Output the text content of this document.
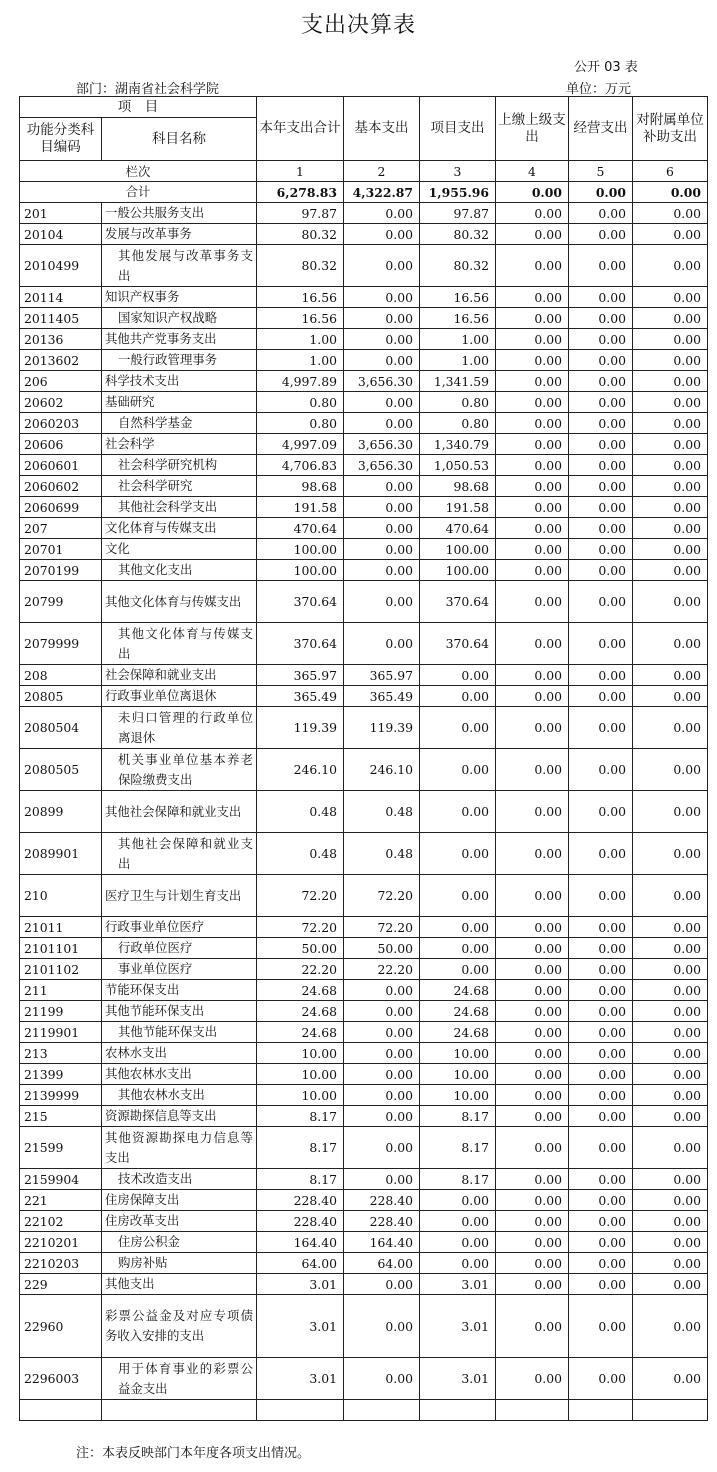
支出决算表
公开 03 表
部门：湖南省社会科学院	单位：万元
项　目		本年支出合计	基本支出	项目支出	上缴上级支出	经营支出	对附属单位补助支出
功能分类科目编码	科目名称						
栏次		1	2	3	4	5	6
合计		6,278.83	4,322.87	1,955.96	0.00	0.00	0.00
201	一般公共服务支出	97.87	0.00	97.87	0.00	0.00	0.00
20104	发展与改革事务	80.32	0.00	80.32	0.00	0.00	0.00
2010499	其他发展与改革事务支出	80.32	0.00	80.32	0.00	0.00	0.00
20114	知识产权事务	16.56	0.00	16.56	0.00	0.00	0.00
2011405	国家知识产权战略	16.56	0.00	16.56	0.00	0.00	0.00
20136	其他共产党事务支出	1.00	0.00	1.00	0.00	0.00	0.00
2013602	一般行政管理事务	1.00	0.00	1.00	0.00	0.00	0.00
206	科学技术支出	4,997.89	3,656.30	1,341.59	0.00	0.00	0.00
20602	基础研究	0.80	0.00	0.80	0.00	0.00	0.00
2060203	自然科学基金	0.80	0.00	0.80	0.00	0.00	0.00
20606	社会科学	4,997.09	3,656.30	1,340.79	0.00	0.00	0.00
2060601	社会科学研究机构	4,706.83	3,656.30	1,050.53	0.00	0.00	0.00
2060602	社会科学研究	98.68	0.00	98.68	0.00	0.00	0.00
2060699	其他社会科学支出	191.58	0.00	191.58	0.00	0.00	0.00
207	文化体育与传媒支出	470.64	0.00	470.64	0.00	0.00	0.00
20701	文化	100.00	0.00	100.00	0.00	0.00	0.00
2070199	其他文化支出	100.00	0.00	100.00	0.00	0.00	0.00
20799	其他文化体育与传媒支出	370.64	0.00	370.64	0.00	0.00	0.00
2079999	其他文化体育与传媒支出	370.64	0.00	370.64	0.00	0.00	0.00
208	社会保障和就业支出	365.97	365.97	0.00	0.00	0.00	0.00
20805	行政事业单位离退休	365.49	365.49	0.00	0.00	0.00	0.00
2080504	未归口管理的行政单位离退休	119.39	119.39	0.00	0.00	0.00	0.00
2080505	机关事业单位基本养老保险缴费支出	246.10	246.10	0.00	0.00	0.00	0.00
20899	其他社会保障和就业支出	0.48	0.48	0.00	0.00	0.00	0.00
2089901	其他社会保障和就业支出	0.48	0.48	0.00	0.00	0.00	0.00
210	医疗卫生与计划生育支出	72.20	72.20	0.00	0.00	0.00	0.00
21011	行政事业单位医疗	72.20	72.20	0.00	0.00	0.00	0.00
2101101	行政单位医疗	50.00	50.00	0.00	0.00	0.00	0.00
2101102	事业单位医疗	22.20	22.20	0.00	0.00	0.00	0.00
211	节能环保支出	24.68	0.00	24.68	0.00	0.00	0.00
21199	其他节能环保支出	24.68	0.00	24.68	0.00	0.00	0.00
2119901	其他节能环保支出	24.68	0.00	24.68	0.00	0.00	0.00
213	农林水支出	10.00	0.00	10.00	0.00	0.00	0.00
21399	其他农林水支出	10.00	0.00	10.00	0.00	0.00	0.00
2139999	其他农林水支出	10.00	0.00	10.00	0.00	0.00	0.00
215	资源勘探信息等支出	8.17	0.00	8.17	0.00	0.00	0.00
21599	其他资源勘探电力信息等支出	8.17	0.00	8.17	0.00	0.00	0.00
2159904	技术改造支出	8.17	0.00	8.17	0.00	0.00	0.00
221	住房保障支出	228.40	228.40	0.00	0.00	0.00	0.00
22102	住房改革支出	228.40	228.40	0.00	0.00	0.00	0.00
2210201	住房公积金	164.40	164.40	0.00	0.00	0.00	0.00
2210203	购房补贴	64.00	64.00	0.00	0.00	0.00	0.00
229	其他支出	3.01	0.00	3.01	0.00	0.00	0.00
22960	彩票公益金及对应专项债务收入安排的支出	3.01	0.00	3.01	0.00	0.00	0.00
2296003	用于体育事业的彩票公益金支出	3.01	0.00	3.01	0.00	0.00	0.00

注：本表反映部门本年度各项支出情况。
